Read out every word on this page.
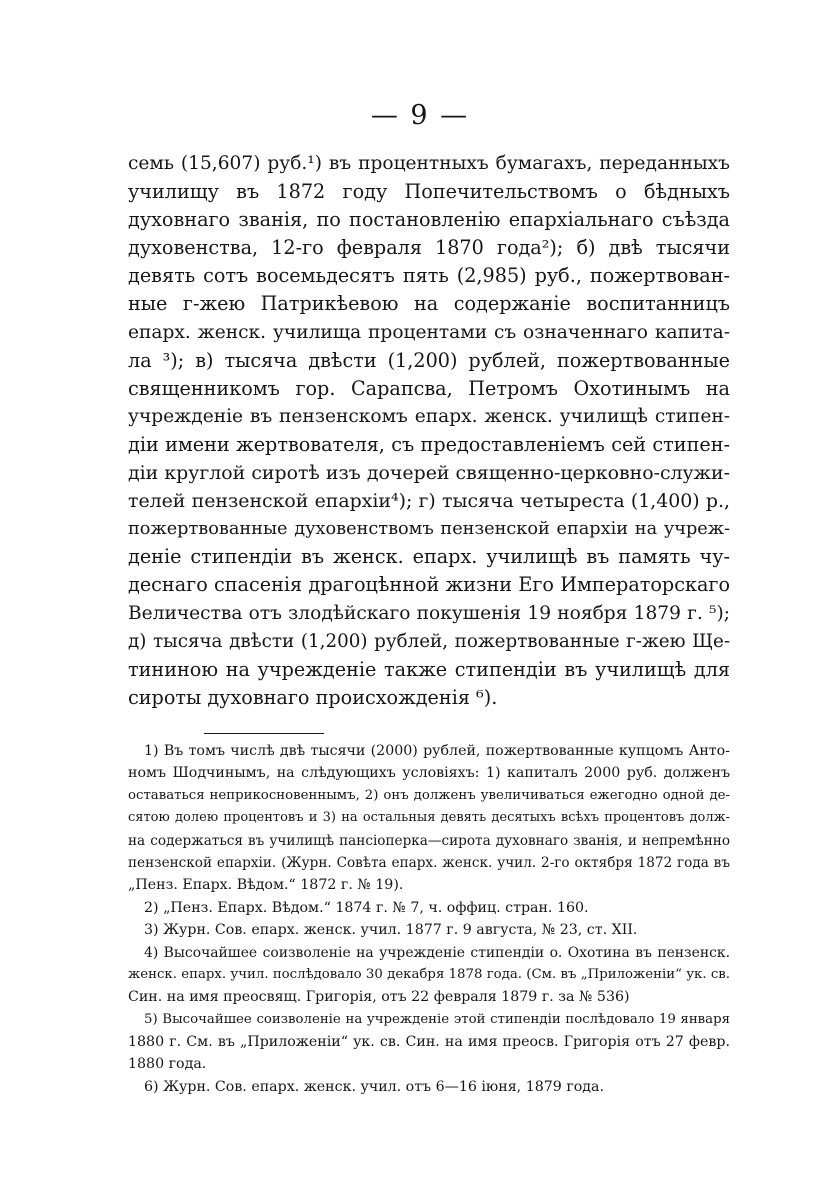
— 9 —
семь (15,607) руб.¹) въ процентныхъ бумагахъ, переданныхъ
училищу въ 1872 году Попечительствомъ о бѣдныхъ
духовнаго званія, по постановленію епархіальнаго съѣзда
духовенства, 12-го февраля 1870 года²); б) двѣ тысячи
девять сотъ восемьдесятъ пять (2,985) руб., пожертвован-
ные г-жею Патрикѣевою на содержаніе воспитанницъ
епарх. женск. училища процентами съ означеннаго капита-
ла ³); в) тысяча двѣсти (1,200) рублей, пожертвованные
священникомъ гор. Сарапсва, Петромъ Охотинымъ на
учрежденіе въ пензенскомъ епарх. женск. училищѣ стипен-
діи имени жертвователя, съ предоставленіемъ сей стипен-
діи круглой сиротѣ изъ дочерей священно-церковно-служи-
телей пензенской епархіи⁴); г) тысяча четыреста (1,400) р.,
пожертвованные духовенствомъ пензенской епархіи на учреж-
деніе стипендіи въ женск. епарх. училищѣ въ память чу-
деснаго спасенія драгоцѣнной жизни Его Императорскаго
Величества отъ злодѣйскаго покушенія 19 ноября 1879 г. ⁵);
д) тысяча двѣсти (1,200) рублей, пожертвованные г-жею Ще-
тининою на учрежденіе также стипендіи въ училищѣ для
сироты духовнаго происхожденія ⁶).
1) Въ томъ числѣ двѣ тысячи (2000) рублей, пожертвованные купцомъ Анто-
номъ Шодчинымъ, на слѣдующихъ условіяхъ: 1) капиталъ 2000 руб. долженъ
оставаться неприкосновеннымъ, 2) онъ долженъ увеличиваться ежегодно одной де-
сятою долею процентовъ и 3) на остальныя девять десятыхъ всѣхъ процентовъ долж-
на содержаться въ училищѣ пансіоперка—сирота духовнаго званія, и непремѣнно
пензенской епархіи. (Журн. Совѣта епарх. женск. учил. 2-го октября 1872 года въ
„Пенз. Епарх. Вѣдом.“ 1872 г. № 19).
2) „Пенз. Епарх. Вѣдом.“ 1874 г. № 7, ч. оффиц. стран. 160.
3) Журн. Сов. епарх. женск. учил. 1877 г. 9 августа, № 23, ст. XII.
4) Высочайшее соизволеніе на учрежденіе стипендіи о. Охотина въ пензенск.
женск. епарх. учил. послѣдовало 30 декабря 1878 года. (См. въ „Приложеніи“ ук. св.
Син. на имя преосвящ. Григорія, отъ 22 февраля 1879 г. за № 536)
5) Высочайшее соизволеніе на учрежденіе этой стипендіи послѣдовало 19 января
1880 г. См. въ „Приложеніи“ ук. св. Син. на имя преосв. Григорія отъ 27 февр.
1880 года.
6) Журн. Сов. епарх. женск. учил. отъ 6—16 іюня, 1879 года.
